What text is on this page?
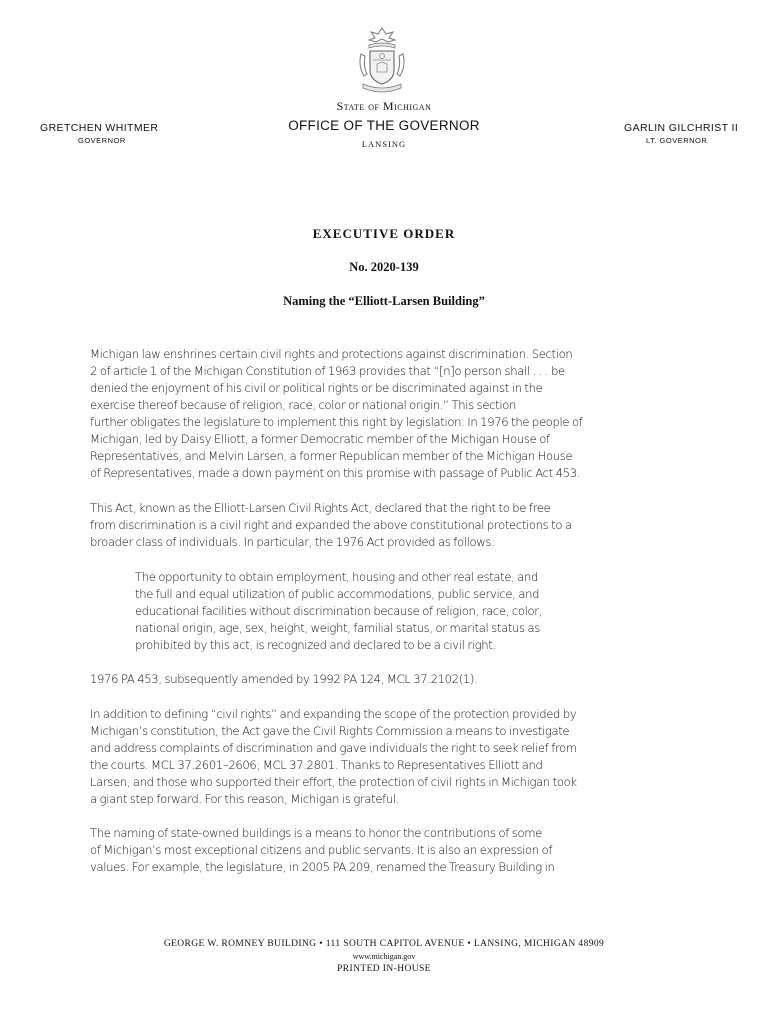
State of Michigan
OFFICE OF THE GOVERNOR
LANSING
GRETCHEN WHITMER
GOVERNOR
GARLIN GILCHRIST II
LT. GOVERNOR
EXECUTIVE ORDER
No. 2020-139
Naming the “Elliott-Larsen Building”
Michigan law enshrines certain civil rights and protections against discrimination. Section
2 of article 1 of the Michigan Constitution of 1963 provides that “[n]o person shall . . . be
denied the enjoyment of his civil or political rights or be discriminated against in the
exercise thereof because of religion, race, color or national origin.” This section
further obligates the legislature to implement this right by legislation. In 1976 the people of
Michigan, led by Daisy Elliott, a former Democratic member of the Michigan House of
Representatives, and Melvin Larsen, a former Republican member of the Michigan House
of Representatives, made a down payment on this promise with passage of Public Act 453.
This Act, known as the Elliott-Larsen Civil Rights Act, declared that the right to be free
from discrimination is a civil right and expanded the above constitutional protections to a
broader class of individuals. In particular, the 1976 Act provided as follows:
The opportunity to obtain employment, housing and other real estate, and
the full and equal utilization of public accommodations, public service, and
educational facilities without discrimination because of religion, race, color,
national origin, age, sex, height, weight, familial status, or marital status as
prohibited by this act, is recognized and declared to be a civil right.
1976 PA 453, subsequently amended by 1992 PA 124, MCL 37.2102(1).
In addition to defining “civil rights” and expanding the scope of the protection provided by
Michigan’s constitution, the Act gave the Civil Rights Commission a means to investigate
and address complaints of discrimination and gave individuals the right to seek relief from
the courts. MCL 37.2601–2606; MCL 37.2801. Thanks to Representatives Elliott and
Larsen, and those who supported their effort, the protection of civil rights in Michigan took
a giant step forward. For this reason, Michigan is grateful.
The naming of state-owned buildings is a means to honor the contributions of some
of Michigan’s most exceptional citizens and public servants. It is also an expression of
values. For example, the legislature, in 2005 PA 209, renamed the Treasury Building in
GEORGE W. ROMNEY BUILDING • 111 SOUTH CAPITOL AVENUE • LANSING, MICHIGAN 48909
www.michigan.gov
PRINTED IN-HOUSE
